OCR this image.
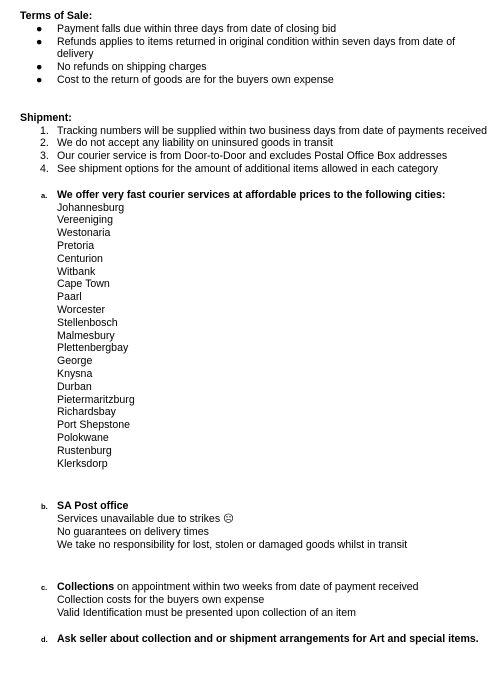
Terms of Sale:

● Payment falls due within three days from date of closing bid
● Refunds applies to items returned in original condition within seven days from date of delivery
● No refunds on shipping charges
● Cost to the return of goods are for the buyers own expense

Shipment:

1. Tracking numbers will be supplied within two business days from date of payments received
2. We do not accept any liability on uninsured goods in transit
3. Our courier service is from Door-to-Door and excludes Postal Office Box addresses
4. See shipment options for the amount of additional items allowed in each category
a. We offer very fast courier services at affordable prices to the following cities:
Johannesburg
Vereeniging
Westonaria
Pretoria
Centurion
Witbank
Cape Town
Paarl
Worcester
Stellenbosch
Malmesbury
Plettenbergbay
George
Knysna
Durban
Pietermaritzburg
Richardsbay
Port Shepstone
Polokwane
Rustenburg
Klerksdorp
b. SA Post office
Services unavailable due to strikes ☹
No guarantees on delivery times
We take no responsibility for lost, stolen or damaged goods whilst in transit
c. Collections on appointment within two weeks from date of payment received
Collection costs for the buyers own expense
Valid Identification must be presented upon collection of an item
d. Ask seller about collection and or shipment arrangements for Art and special items.
